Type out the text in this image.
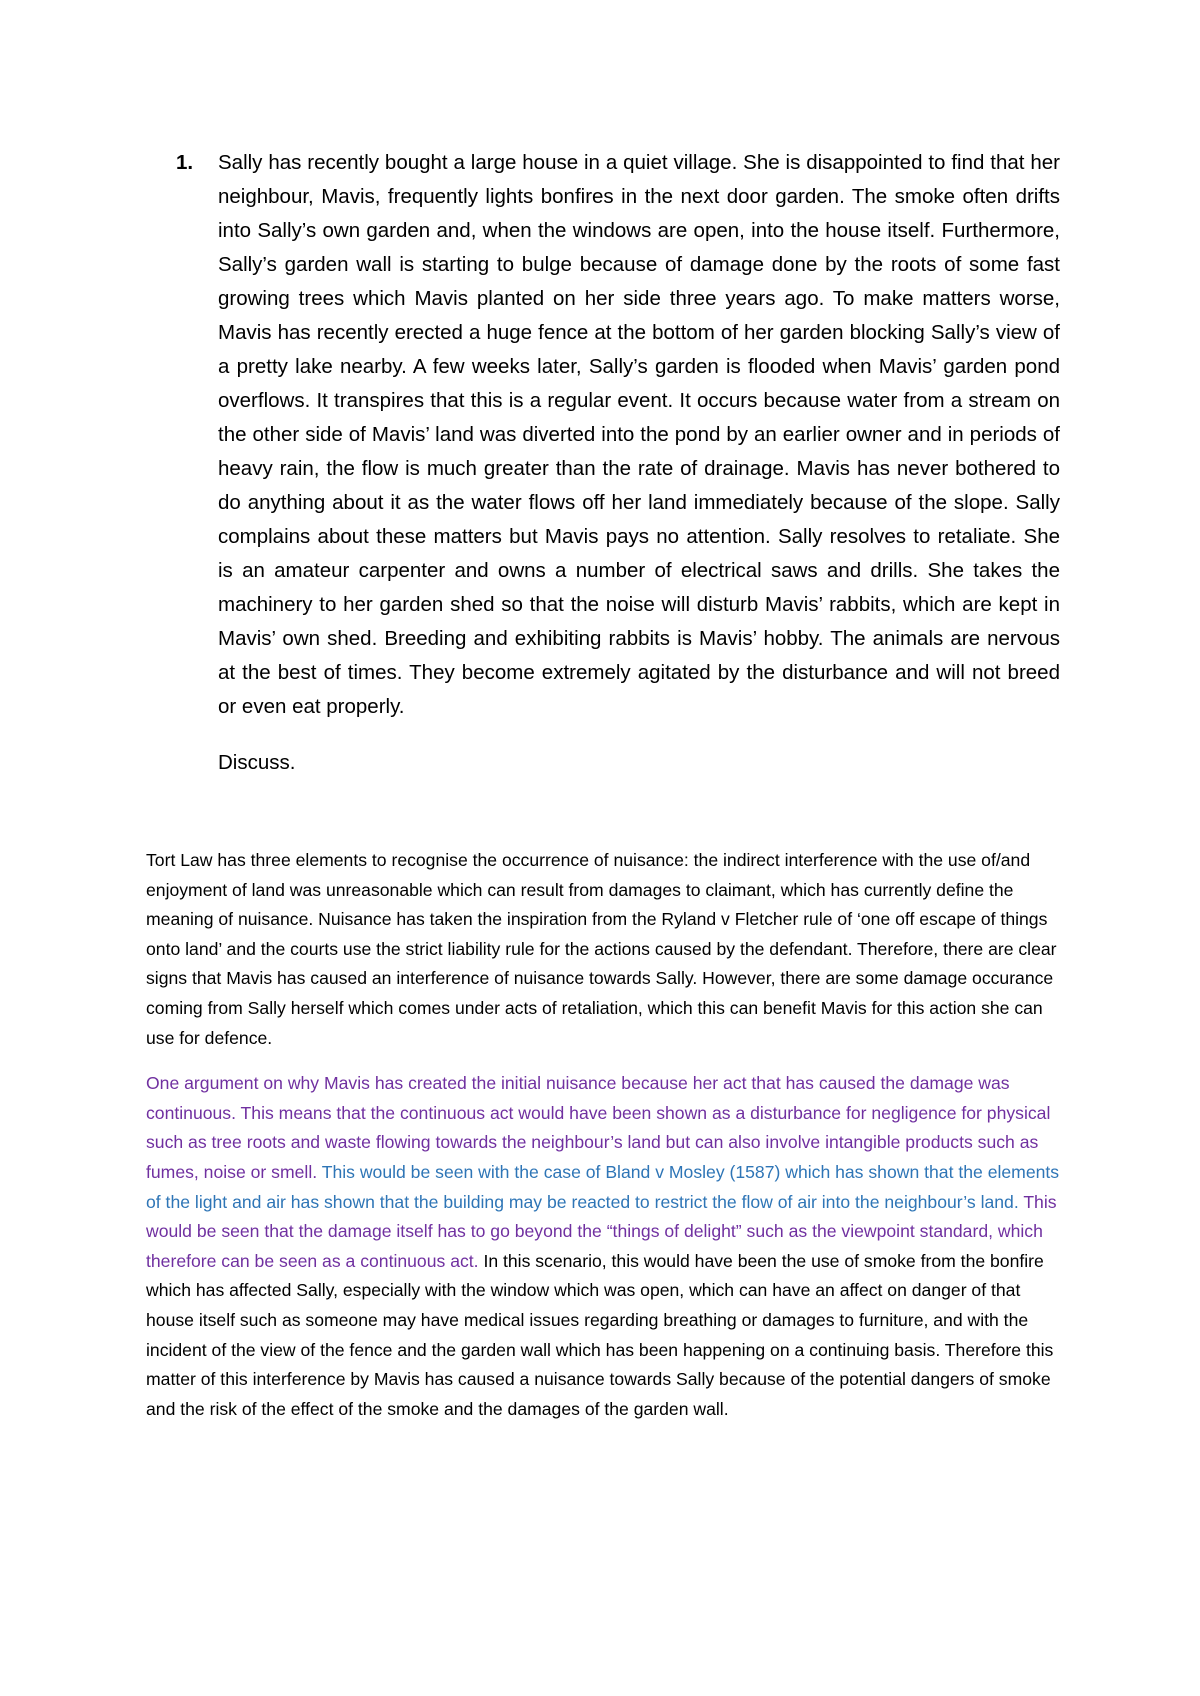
1. Sally has recently bought a large house in a quiet village. She is disappointed to find that her neighbour, Mavis, frequently lights bonfires in the next door garden. The smoke often drifts into Sally’s own garden and, when the windows are open, into the house itself. Furthermore, Sally’s garden wall is starting to bulge because of damage done by the roots of some fast growing trees which Mavis planted on her side three years ago. To make matters worse, Mavis has recently erected a huge fence at the bottom of her garden blocking Sally’s view of a pretty lake nearby. A few weeks later, Sally’s garden is flooded when Mavis’ garden pond overflows. It transpires that this is a regular event. It occurs because water from a stream on the other side of Mavis’ land was diverted into the pond by an earlier owner and in periods of heavy rain, the flow is much greater than the rate of drainage. Mavis has never bothered to do anything about it as the water flows off her land immediately because of the slope. Sally complains about these matters but Mavis pays no attention. Sally resolves to retaliate. She is an amateur carpenter and owns a number of electrical saws and drills. She takes the machinery to her garden shed so that the noise will disturb Mavis’ rabbits, which are kept in Mavis’ own shed. Breeding and exhibiting rabbits is Mavis’ hobby. The animals are nervous at the best of times. They become extremely agitated by the disturbance and will not breed or even eat properly.
Discuss.

Tort Law has three elements to recognise the occurrence of nuisance: the indirect interference with the use of/and enjoyment of land was unreasonable which can result from damages to claimant, which has currently define the meaning of nuisance. Nuisance has taken the inspiration from the Ryland v Fletcher rule of ‘one off escape of things onto land’ and the courts use the strict liability rule for the actions caused by the defendant. Therefore, there are clear signs that Mavis has caused an interference of nuisance towards Sally. However, there are some damage occurance coming from Sally herself which comes under acts of retaliation, which this can benefit Mavis for this action she can use for defence.

One argument on why Mavis has created the initial nuisance because her act that has caused the damage was continuous. This means that the continuous act would have been shown as a disturbance for negligence for physical such as tree roots and waste flowing towards the neighbour’s land but can also involve intangible products such as fumes, noise or smell. This would be seen with the case of Bland v Mosley (1587) which has shown that the elements of the light and air has shown that the building may be reacted to restrict the flow of air into the neighbour’s land. This would be seen that the damage itself has to go beyond the “things of delight” such as the viewpoint standard, which therefore can be seen as a continuous act. In this scenario, this would have been the use of smoke from the bonfire which has affected Sally, especially with the window which was open, which can have an affect on danger of that house itself such as someone may have medical issues regarding breathing or damages to furniture, and with the incident of the view of the fence and the garden wall which has been happening on a continuing basis. Therefore this matter of this interference by Mavis has caused a nuisance towards Sally because of the potential dangers of smoke and the risk of the effect of the smoke and the damages of the garden wall.
